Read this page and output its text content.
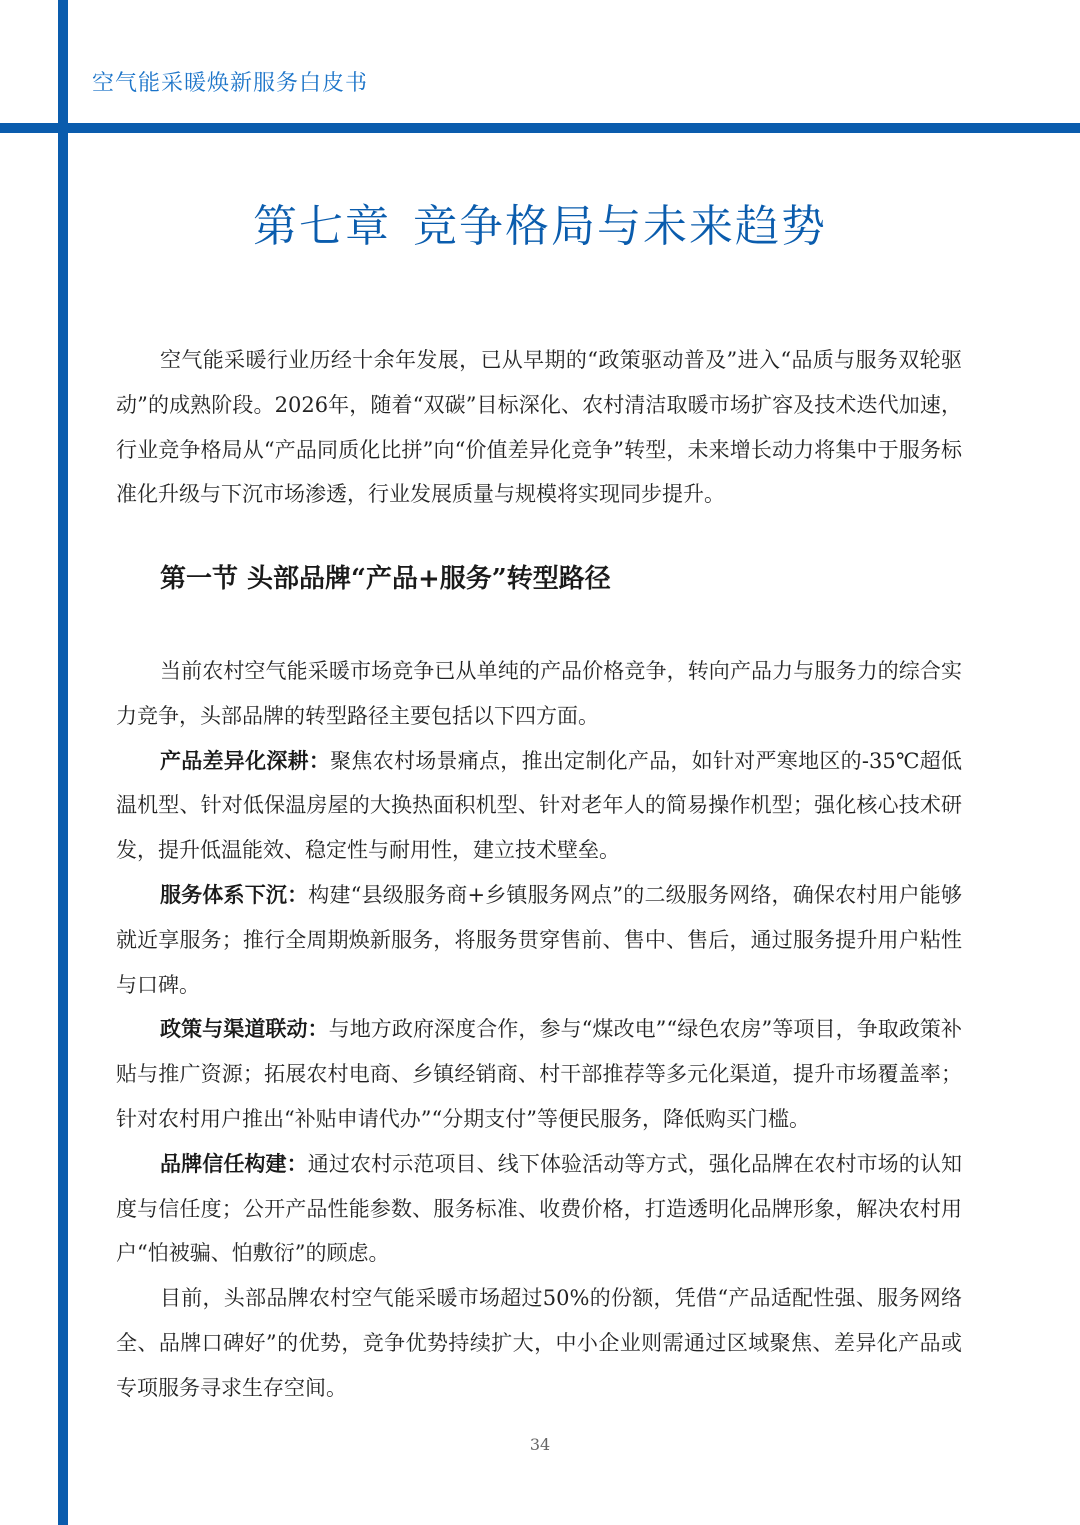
空气能采暖焕新服务白皮书
第七章 竞争格局与未来趋势

空气能采暖行业历经十余年发展，已从早期的“政策驱动普及”进入“品质与服务双轮驱动”的成熟阶段。2026年，随着“双碳”目标深化、农村清洁取暖市场扩容及技术迭代加速，行业竞争格局从“产品同质化比拼”向“价值差异化竞争”转型，未来增长动力将集中于服务标准化升级与下沉市场渗透，行业发展质量与规模将实现同步提升。

第一节 头部品牌“产品+服务”转型路径

当前农村空气能采暖市场竞争已从单纯的产品价格竞争，转向产品力与服务力的综合实力竞争，头部品牌的转型路径主要包括以下四方面。

产品差异化深耕：聚焦农村场景痛点，推出定制化产品，如针对严寒地区的-35℃超低温机型、针对低保温房屋的大换热面积机型、针对老年人的简易操作机型；强化核心技术研发，提升低温能效、稳定性与耐用性，建立技术壁垒。

服务体系下沉：构建“县级服务商+乡镇服务网点”的二级服务网络，确保农村用户能够就近享服务；推行全周期焕新服务，将服务贯穿售前、售中、售后，通过服务提升用户粘性与口碑。

政策与渠道联动：与地方政府深度合作，参与“煤改电”“绿色农房”等项目，争取政策补贴与推广资源；拓展农村电商、乡镇经销商、村干部推荐等多元化渠道，提升市场覆盖率；针对农村用户推出“补贴申请代办”“分期支付”等便民服务，降低购买门槛。

品牌信任构建：通过农村示范项目、线下体验活动等方式，强化品牌在农村市场的认知度与信任度；公开产品性能参数、服务标准、收费价格，打造透明化品牌形象，解决农村用户“怕被骗、怕敷衍”的顾虑。

目前，头部品牌农村空气能采暖市场超过50%的份额，凭借“产品适配性强、服务网络全、品牌口碑好”的优势，竞争优势持续扩大，中小企业则需通过区域聚焦、差异化产品或专项服务寻求生存空间。

34
